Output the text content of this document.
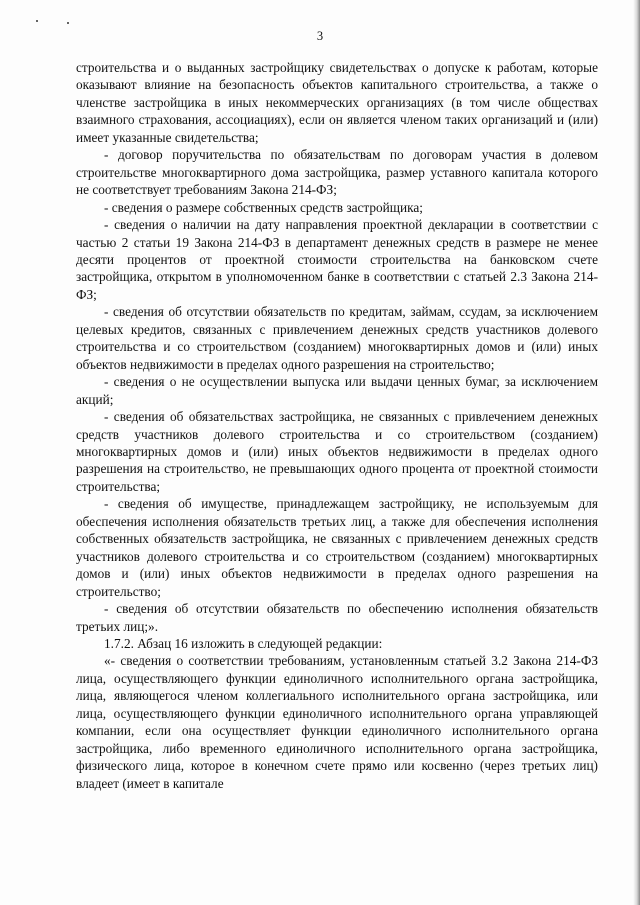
3

строительства и о выданных застройщику свидетельствах о допуске к работам, которые оказывают влияние на безопасность объектов капитального строительства, а также о членстве застройщика в иных некоммерческих организациях (в том числе обществах взаимного страхования, ассоциациях), если он является членом таких организаций и (или) имеет указанные свидетельства;

- договор поручительства по обязательствам по договорам участия в долевом строительстве многоквартирного дома застройщика, размер уставного капитала которого не соответствует требованиям Закона 214-ФЗ;

- сведения о размере собственных средств застройщика;

- сведения о наличии на дату направления проектной декларации в соответствии с частью 2 статьи 19 Закона 214-ФЗ в департамент денежных средств в размере не менее десяти процентов от проектной стоимости строительства на банковском счете застройщика, открытом в уполномоченном банке в соответствии с статьей 2.3 Закона 214-ФЗ;

- сведения об отсутствии обязательств по кредитам, займам, ссудам, за исключением целевых кредитов, связанных с привлечением денежных средств участников долевого строительства и со строительством (созданием) многоквартирных домов и (или) иных объектов недвижимости в пределах одного разрешения на строительство;

- сведения о не осуществлении выпуска или выдачи ценных бумаг, за исключением акций;

- сведения об обязательствах застройщика, не связанных с привлечением денежных средств участников долевого строительства и со строительством (созданием) многоквартирных домов и (или) иных объектов недвижимости в пределах одного разрешения на строительство, не превышающих одного процента от проектной стоимости строительства;

- сведения об имуществе, принадлежащем застройщику, не используемым для обеспечения исполнения обязательств третьих лиц, а также для обеспечения исполнения собственных обязательств застройщика, не связанных с привлечением денежных средств участников долевого строительства и со строительством (созданием) многоквартирных домов и (или) иных объектов недвижимости в пределах одного разрешения на строительство;

- сведения об отсутствии обязательств по обеспечению исполнения обязательств третьих лиц;».

1.7.2. Абзац 16 изложить в следующей редакции:

«- сведения о соответствии требованиям, установленным статьей 3.2 Закона 214-ФЗ лица, осуществляющего функции единоличного исполнительного органа застройщика, лица, являющегося членом коллегиального исполнительного органа застройщика, или лица, осуществляющего функции единоличного исполнительного органа управляющей компании, если она осуществляет функции единоличного исполнительного органа застройщика, либо временного единоличного исполнительного органа застройщика, физического лица, которое в конечном счете прямо или косвенно (через третьих лиц) владеет (имеет в капитале
